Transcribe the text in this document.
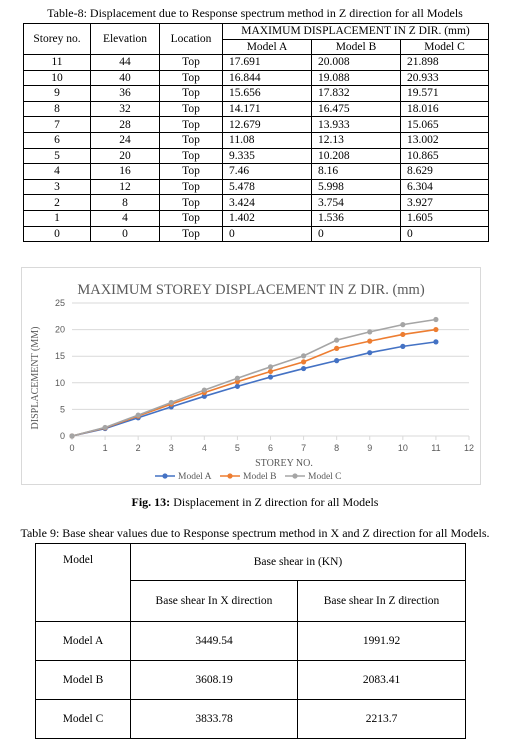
Table-8: Displacement due to Response spectrum method in Z direction for all Models
Storey no.	Elevation	Location	MAXIMUM DISPLACEMENT IN Z DIR. (mm)		
			Model A	Model B	Model C
11	44	Top	17.691	20.008	21.898
10	40	Top	16.844	19.088	20.933
9	36	Top	15.656	17.832	19.571
8	32	Top	14.171	16.475	18.016
7	28	Top	12.679	13.933	15.065
6	24	Top	11.08	12.13	13.002
5	20	Top	9.335	10.208	10.865
4	16	Top	7.46	8.16	8.629
3	12	Top	5.478	5.998	6.304
2	8	Top	3.424	3.754	3.927
1	4	Top	1.402	1.536	1.605
0	0	Top	0	0	0
MAXIMUM STOREY DISPLACEMENT IN Z DIR. (mm)
0
5
10
15
20
25
0	1	2	3	4	5	6	7	8	9	10	11	12
STOREY NO.
DISPLACEMENT (MM)
Model A	Model B	Model C
Fig. 13: Displacement in Z direction for all Models
Table 9: Base shear values due to Response spectrum method in X and Z direction for all Models.
Model	Base shear in (KN)	
	Base shear In X direction	Base shear In Z direction
Model A	3449.54	1991.92
Model B	3608.19	2083.41
Model C	3833.78	2213.7
